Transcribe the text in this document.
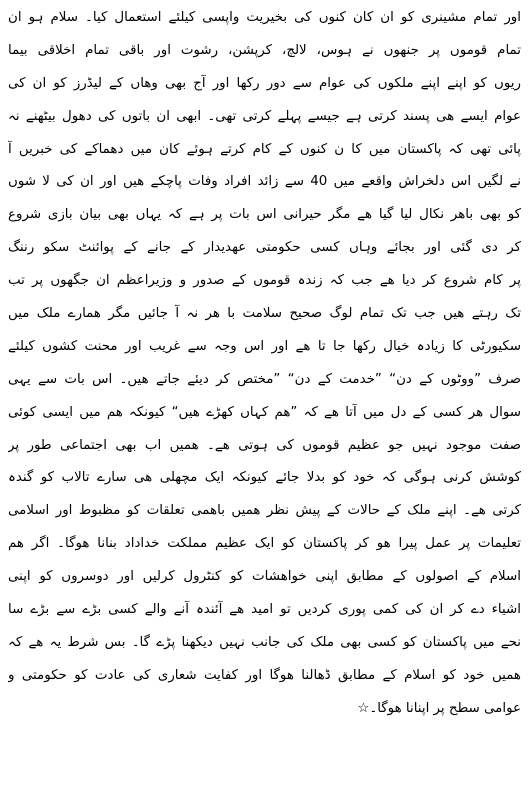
اور تمام مشینری کو ان کان کنوں کی بخیریت واپسی کیلئے استعمال کیا۔ سلام ہو ان
تمام قوموں پر جنھوں نے ہوس، لالچ، کرپشن، رشوت اور باقی تمام اخلاقی بیما
ریوں کو اپنے اپنے ملکوں کی عوام سے دور رکھا اور آج بھی وھاں کے لیڈرز کو ان کی
عوام ایسے ھی پسند کرتی ہے جیسے پہلے کرتی تھی۔ ابھی ان باتوں کی دھول بیٹھنے نہ
پائی تھی کہ پاکستان میں کا ن کنوں کے کام کرتے ہوئے کان میں دھماکے کی خبریں آ
نے لگیں اس دلخراش واقعے میں 40 سے زائد افراد وفات پاچکے ھیں اور ان کی لا شوں
کو بھی باھر نکال لیا گیا ھے مگر حیرانی اس بات پر ہے کہ یہاں بھی بیان بازی شروع
کر دی گئی اور بجائے وہاں کسی حکومتی عھدیدار کے جانے کے پوائنٹ سکو رننگ
پر کام شروع کر دیا ھے جب کہ زندہ قوموں کے صدور و وزیراعظم ان جگھوں پر تب
تک رہتے ھیں جب تک تمام لوگ صحیح سلامت با ھر نہ آ جائیں مگر ھمارے ملک میں
سکیورٹی کا زیادہ خیال رکھا جا تا ھے اور اس وجہ سے غریب اور محنت کشوں کیلئے
صرف ”ووٹوں کے دن“ ”خدمت کے دن“ ”مختص کر دیئے جاتے ھیں۔ اس بات سے یہی
سوال ھر کسی کے دل میں آتا ھے کہ ”ھم کہاں کھڑے ھیں“ کیونکہ ھم میں ایسی کوئی
صفت موجود نہیں جو عظیم قوموں کی ہوتی ھے۔ ھمیں اب بھی اجتماعی طور پر
کوشش کرنی ہوگی کہ خود کو بدلا جائے کیونکہ ایک مچھلی ھی سارے تالاب کو گندہ
کرتی ھے۔ اپنے ملک کے حالات کے پیش نظر ھمیں باھمی تعلقات کو مظبوط اور اسلامی
تعلیمات پر عمل پیرا ھو کر پاکستان کو ایک عظیم مملکت خداداد بنانا ھوگا۔ اگر ھم
اسلام کے اصولوں کے مطابق اپنی خواھشات کو کنٹرول کرلیں اور دوسروں کو اپنی
اشیاء دے کر ان کی کمی پوری کردیں تو امید ھے آئندہ آنے والے کسی بڑے سے بڑے سا
نحے میں پاکستان کو کسی بھی ملک کی جانب نہیں دیکھنا پڑے گا۔ بس شرط یہ ھے کہ
ھمیں خود کو اسلام کے مطابق ڈھالنا ھوگا اور کفایت شعاری کی عادت کو حکومتی و
عوامی سطح پر اپنانا ھوگا۔☆
